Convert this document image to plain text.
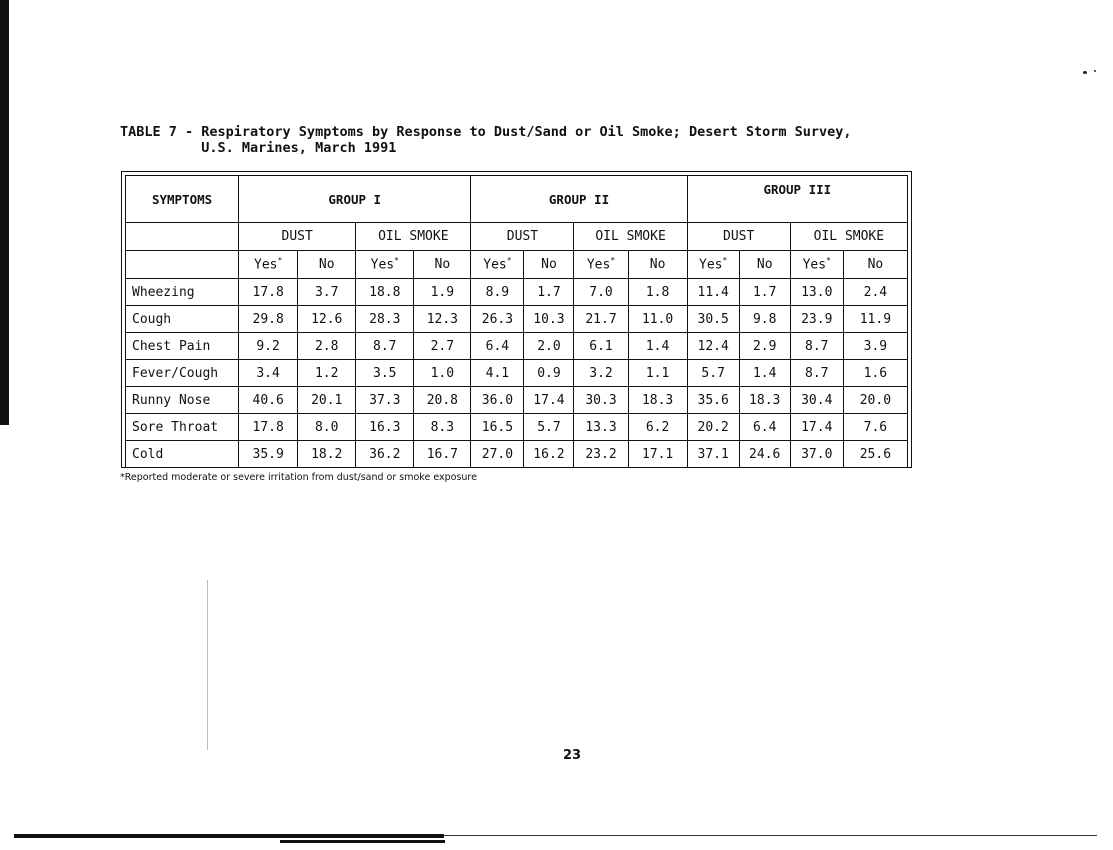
TABLE 7 - Respiratory Symptoms by Response to Dust/Sand or Oil Smoke; Desert Storm Survey,
U.S. Marines, March 1991
SYMPTOMS	GROUP I				GROUP II				GROUP III			
	DUST		OIL SMOKE		DUST		OIL SMOKE		DUST		OIL SMOKE	
	Yes*	No	Yes*	No	Yes*	No	Yes*	No	Yes*	No	Yes*	No
Wheezing	17.8	3.7	18.8	1.9	8.9	1.7	7.0	1.8	11.4	1.7	13.0	2.4
Cough	29.8	12.6	28.3	12.3	26.3	10.3	21.7	11.0	30.5	9.8	23.9	11.9
Chest Pain	9.2	2.8	8.7	2.7	6.4	2.0	6.1	1.4	12.4	2.9	8.7	3.9
Fever/Cough	3.4	1.2	3.5	1.0	4.1	0.9	3.2	1.1	5.7	1.4	8.7	1.6
Runny Nose	40.6	20.1	37.3	20.8	36.0	17.4	30.3	18.3	35.6	18.3	30.4	20.0
Sore Throat	17.8	8.0	16.3	8.3	16.5	5.7	13.3	6.2	20.2	6.4	17.4	7.6
Cold	35.9	18.2	36.2	16.7	27.0	16.2	23.2	17.1	37.1	24.6	37.0	25.6
*Reported moderate or severe irritation from dust/sand or smoke exposure
23
